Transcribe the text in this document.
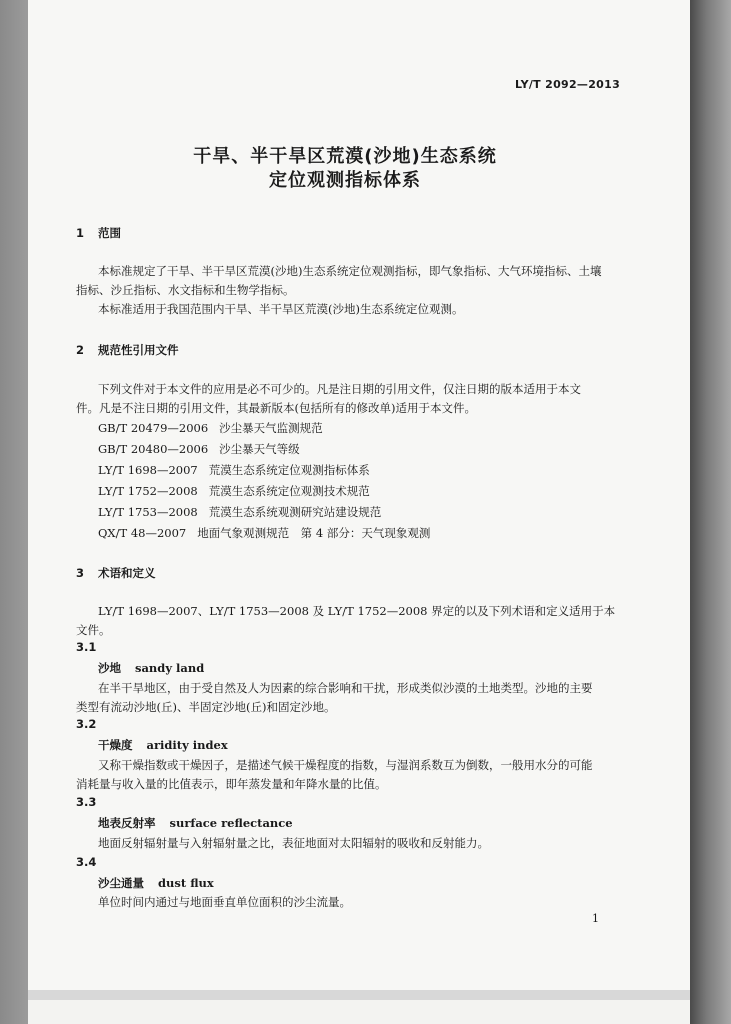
LY/T 2092—2013
干旱、半干旱区荒漠(沙地)生态系统
定位观测指标体系
1 范围
本标准规定了干旱、半干旱区荒漠(沙地)生态系统定位观测指标，即气象指标、大气环境指标、土壤
指标、沙丘指标、水文指标和生物学指标。
本标准适用于我国范围内干旱、半干旱区荒漠(沙地)生态系统定位观测。
2 规范性引用文件
下列文件对于本文件的应用是必不可少的。凡是注日期的引用文件，仅注日期的版本适用于本文
件。凡是不注日期的引用文件，其最新版本(包括所有的修改单)适用于本文件。
GB/T 20479—2006 沙尘暴天气监测规范
GB/T 20480—2006 沙尘暴天气等级
LY/T 1698—2007 荒漠生态系统定位观测指标体系
LY/T 1752—2008 荒漠生态系统定位观测技术规范
LY/T 1753—2008 荒漠生态系统观测研究站建设规范
QX/T 48—2007 地面气象观测规范　第 4 部分：天气现象观测
3 术语和定义
LY/T 1698—2007、LY/T 1753—2008 及 LY/T 1752—2008 界定的以及下列术语和定义适用于本
文件。
3.1
沙地 sandy land
在半干旱地区，由于受自然及人为因素的综合影响和干扰，形成类似沙漠的土地类型。沙地的主要
类型有流动沙地(丘)、半固定沙地(丘)和固定沙地。
3.2
干燥度 aridity index
又称干燥指数或干燥因子，是描述气候干燥程度的指数，与湿润系数互为倒数，一般用水分的可能
消耗量与收入量的比值表示，即年蒸发量和年降水量的比值。
3.3
地表反射率 surface reflectance
地面反射辐射量与入射辐射量之比，表征地面对太阳辐射的吸收和反射能力。
3.4
沙尘通量 dust flux
单位时间内通过与地面垂直单位面积的沙尘流量。
1
